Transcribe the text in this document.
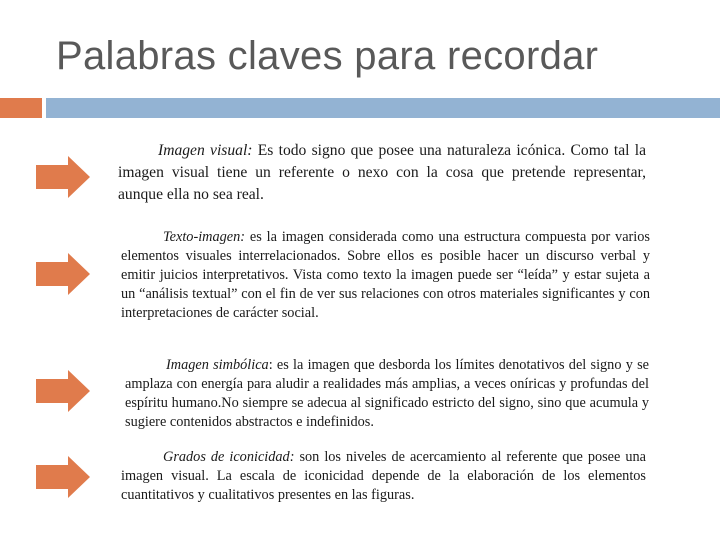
Palabras claves para recordar

Imagen visual: Es todo signo que posee una naturaleza icónica. Como tal la imagen visual tiene un referente o nexo con la cosa que pretende representar, aunque ella no sea real.

Texto-imagen: es la imagen considerada como una estructura compuesta por varios elementos visuales interrelacionados. Sobre ellos es posible hacer un discurso verbal y emitir juicios interpretativos. Vista como texto la imagen puede ser “leída” y estar sujeta a un “análisis textual” con el fin de ver sus relaciones con otros materiales significantes y con interpretaciones de carácter social.

Imagen simbólica: es la imagen que desborda los límites denotativos del signo y se amplaza con energía para aludir a realidades más amplias, a veces oníricas y profundas del espíritu humano.No siempre se adecua al significado estricto del signo, sino que acumula y sugiere contenidos abstractos e indefinidos.

Grados de iconicidad: son los niveles de acercamiento al referente que posee una imagen visual. La escala de iconicidad depende de la elaboración de los elementos cuantitativos y cualitativos presentes en las figuras.
